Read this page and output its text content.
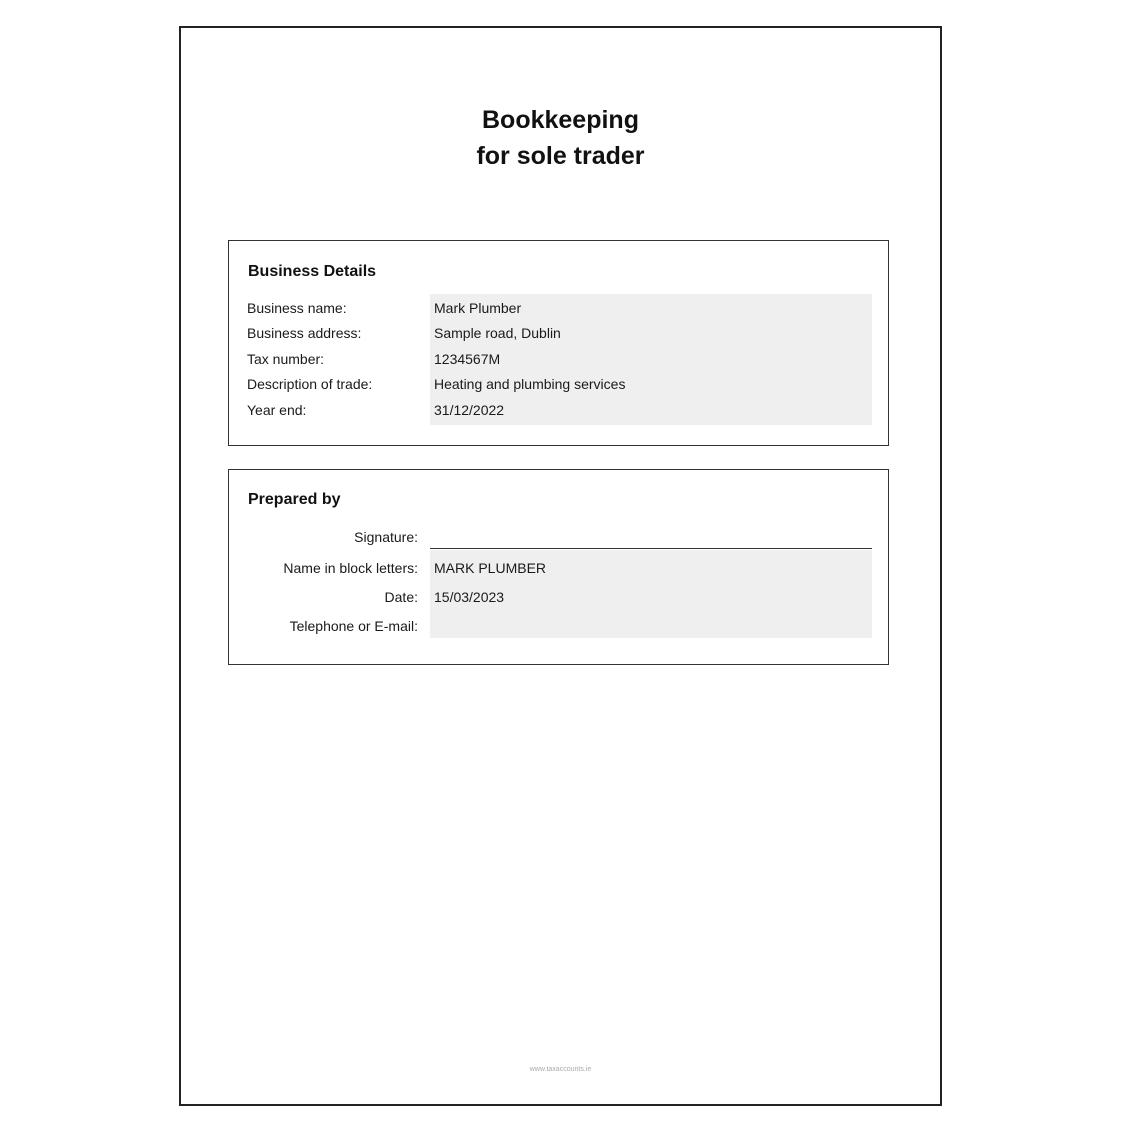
Bookkeeping
for sole trader
Business Details
Business name:	Mark Plumber
Business address:	Sample road, Dublin
Tax number:	1234567M
Description of trade:	Heating and plumbing services
Year end:	31/12/2022
Prepared by
Signature:
Name in block letters: MARK PLUMBER
Date: 15/03/2023
Telephone or E-mail:
www.taxaccounts.ie
